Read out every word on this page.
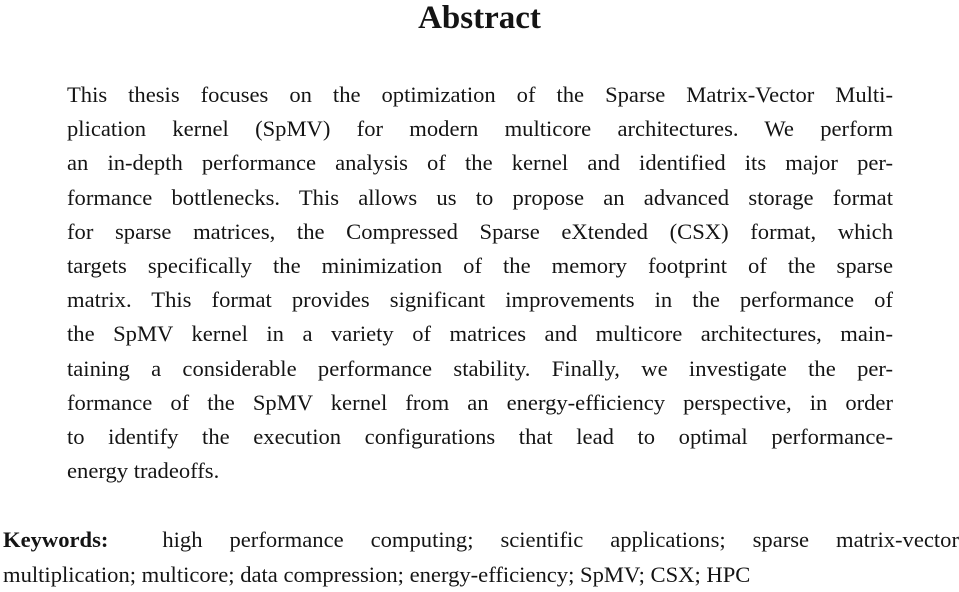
Abstract
This thesis focuses on the optimization of the Sparse Matrix-Vector Multi-
plication kernel (SpMV) for modern multicore architectures. We perform
an in-depth performance analysis of the kernel and identified its major per-
formance bottlenecks. This allows us to propose an advanced storage format
for sparse matrices, the Compressed Sparse eXtended (CSX) format, which
targets specifically the minimization of the memory footprint of the sparse
matrix. This format provides significant improvements in the performance of
the SpMV kernel in a variety of matrices and multicore architectures, main-
taining a considerable performance stability. Finally, we investigate the per-
formance of the SpMV kernel from an energy-efficiency perspective, in order
to identify the execution configurations that lead to optimal performance-
energy tradeoffs.
Keywords: high performance computing; scientific applications; sparse matrix-vector
multiplication; multicore; data compression; energy-efficiency; SpMV; CSX; HPC
